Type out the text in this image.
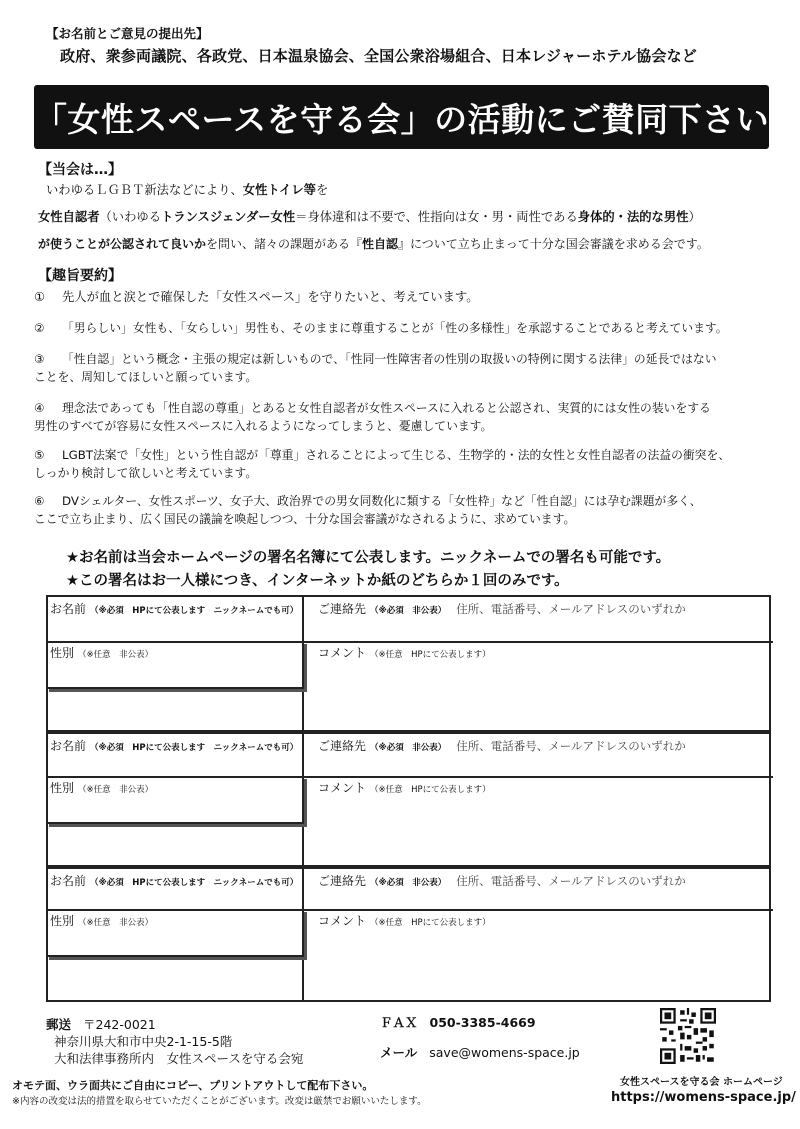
【お名前とご意見の提出先】
政府、衆参両議院、各政党、日本温泉協会、全国公衆浴場組合、日本レジャーホテル協会など
「女性スペースを守る会」の活動にご賛同下さい
【当会は…】
いわゆるＬＧＢＴ新法などにより、女性トイレ等を
女性自認者（いわゆるトランスジェンダー女性＝身体違和は不要で、性指向は女・男・両性である身体的・法的な男性）
が使うことが公認されて良いかを問い、諸々の課題がある『性自認』について立ち止まって十分な国会審議を求める会です。
【趣旨要約】
① 先人が血と涙とで確保した「女性スペース」を守りたいと、考えています。
② 「男らしい」女性も、「女らしい」男性も、そのままに尊重することが「性の多様性」を承認することであると考えています。
③ 「性自認」という概念・主張の規定は新しいもので、「性同一性障害者の性別の取扱いの特例に関する法律」の延長ではない
ことを、周知してほしいと願っています。
④ 理念法であっても「性自認の尊重」とあると女性自認者が女性スペースに入れると公認され、実質的には女性の装いをする
男性のすべてが容易に女性スペースに入れるようになってしまうと、憂慮しています。
⑤ LGBT法案で「女性」という性自認が「尊重」されることによって生じる、生物学的・法的女性と女性自認者の法益の衝突を、
しっかり検討して欲しいと考えています。
⑥ DVシェルター、女性スポーツ、女子大、政治界での男女同数化に類する「女性枠」など「性自認」には孕む課題が多く、
ここで立ち止まり、広く国民の議論を喚起しつつ、十分な国会審議がなされるように、求めています。
★お名前は当会ホームページの署名名簿にて公表します。ニックネームでの署名も可能です。
★この署名はお一人様につき、インターネットか紙のどちらか１回のみです。
お名前 （※必須　HPにて公表します　ニックネームでも可） ご連絡先 （※必須　非公表） 住所、電話番号、メールアドレスのいずれか
性別 （※任意　非公表）	コメント （※任意　HPにて公表します）
お名前 （※必須　HPにて公表します　ニックネームでも可） ご連絡先 （※必須　非公表） 住所、電話番号、メールアドレスのいずれか
性別 （※任意　非公表）	コメント （※任意　HPにて公表します）
お名前 （※必須　HPにて公表します　ニックネームでも可） ご連絡先 （※必須　非公表） 住所、電話番号、メールアドレスのいずれか
性別 （※任意　非公表）	コメント （※任意　HPにて公表します）
郵送 〒242-0021
神奈川県大和市中央2-1-15-5階
大和法律事務所内　女性スペースを守る会宛
ＦＡＸ 050-3385-4669
メール save@womens-space.jp
女性スペースを守る会 ホームページ
https://womens-space.jp/
オモテ面、ウラ面共にご自由にコピー、プリントアウトして配布下さい。
※内容の改変は法的措置を取らせていただくことがございます。改変は厳禁でお願いいたします。
